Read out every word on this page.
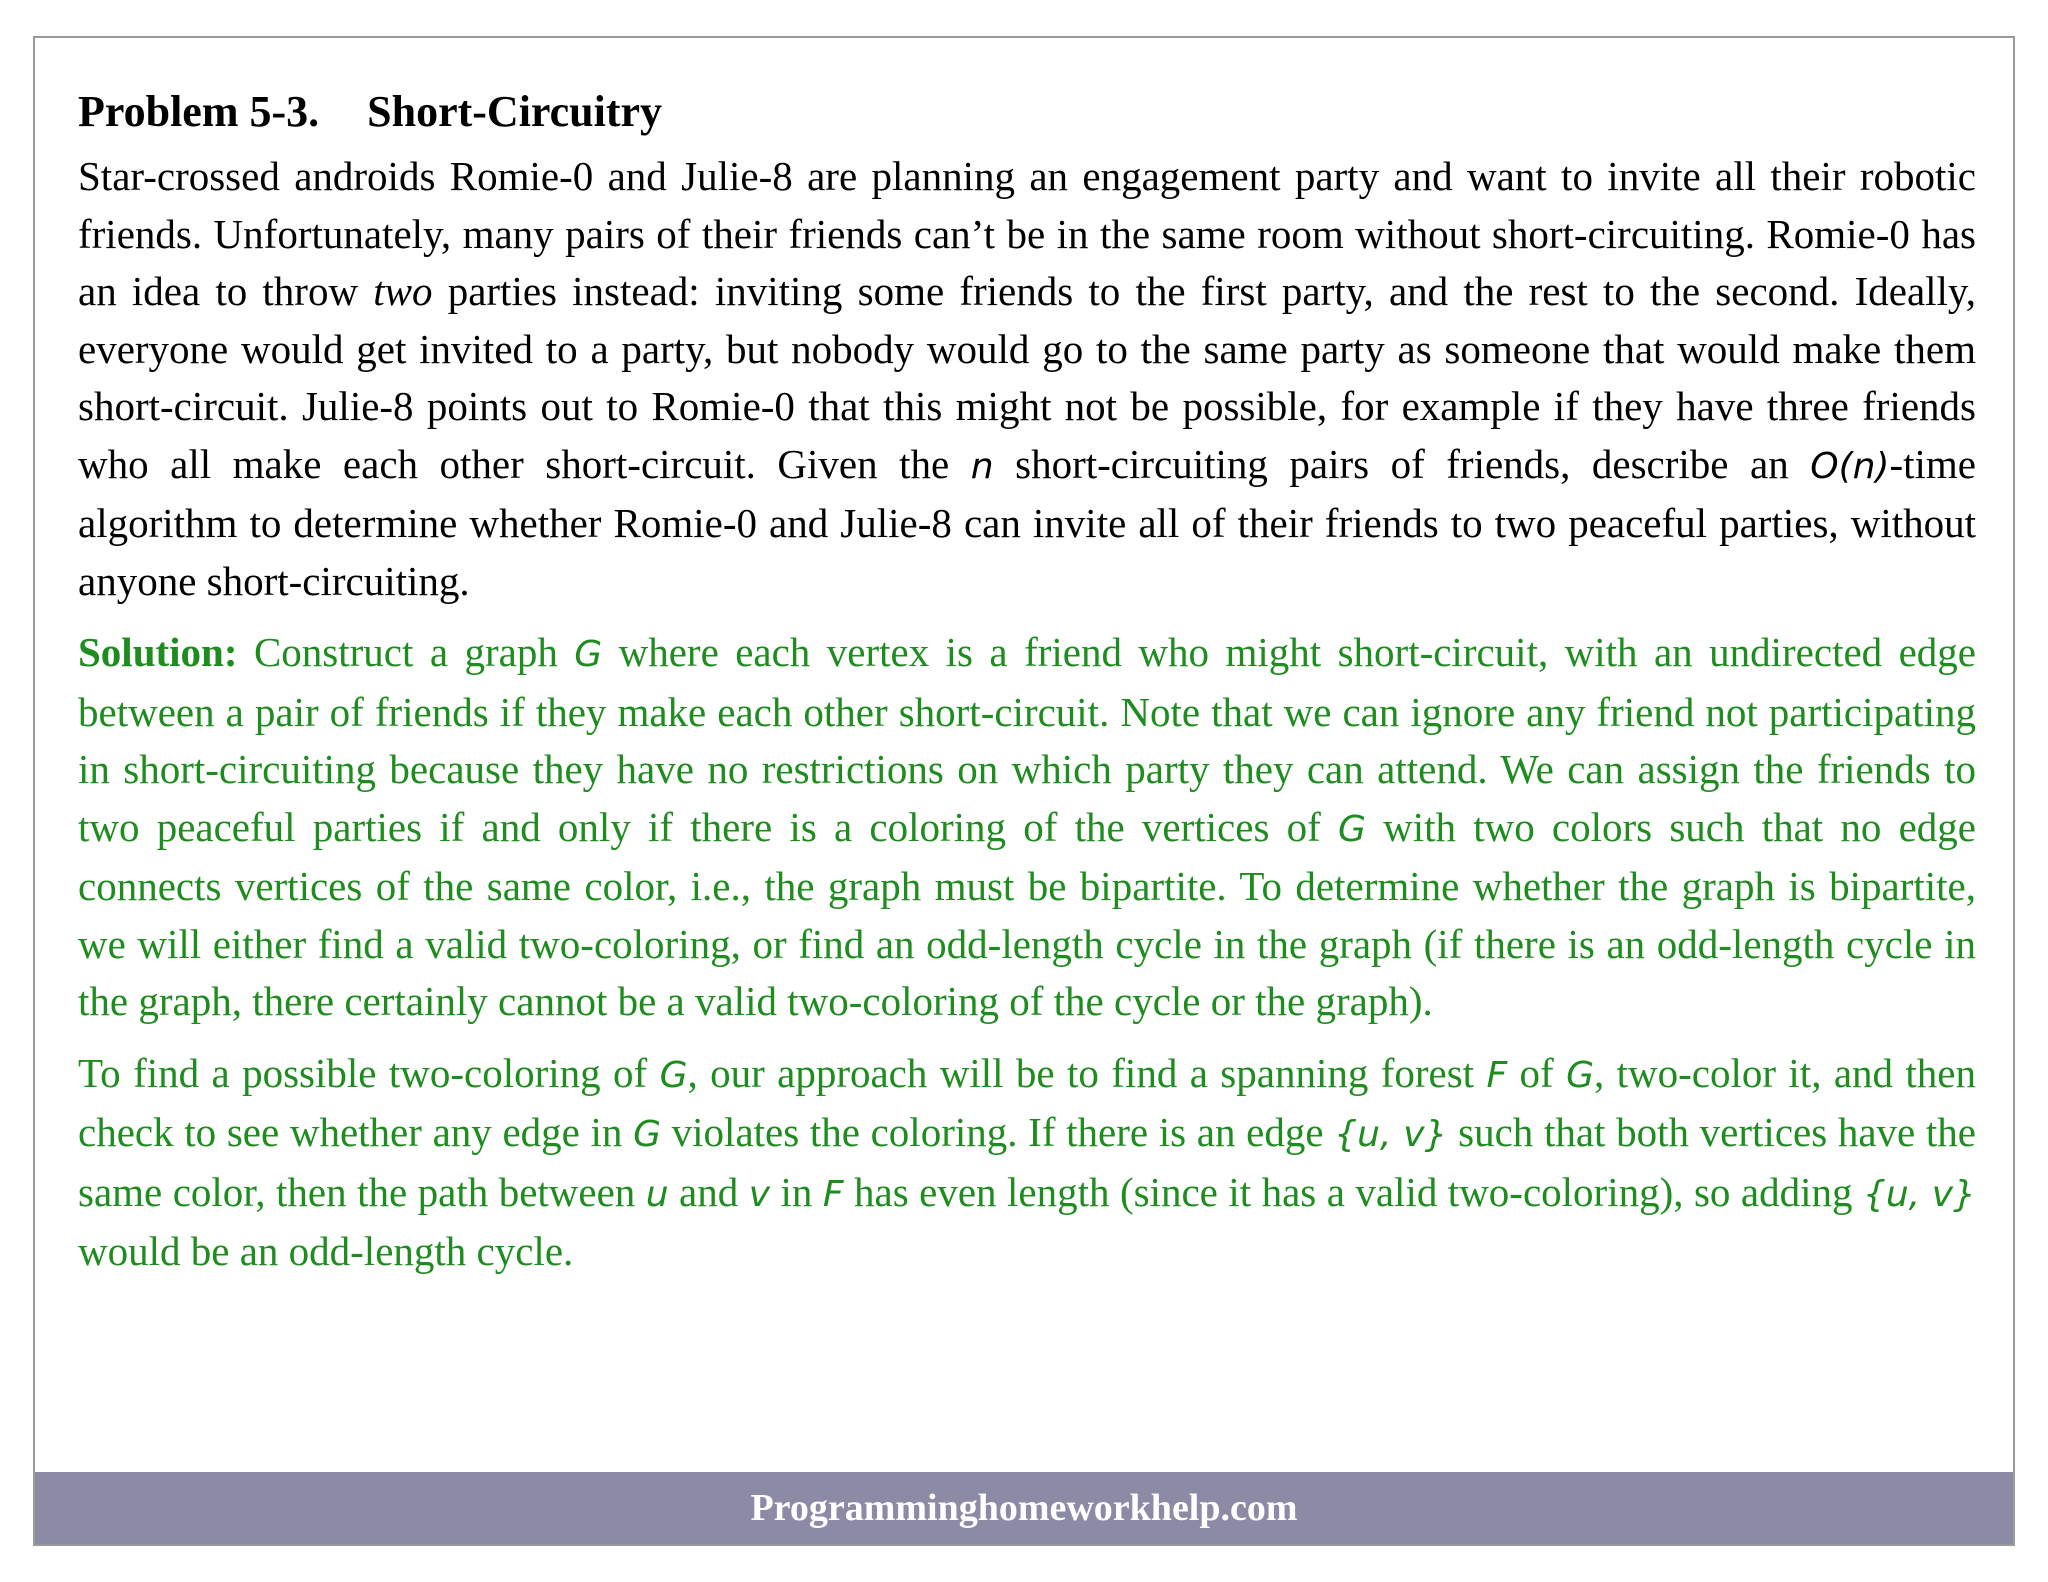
Problem 5-3. Short-Circuitry

Star-crossed androids Romie-0 and Julie-8 are planning an engagement party and want to invite all their robotic friends. Unfortunately, many pairs of their friends can’t be in the same room without short-circuiting. Romie-0 has an idea to throw two parties instead: inviting some friends to the first party, and the rest to the second. Ideally, everyone would get invited to a party, but nobody would go to the same party as someone that would make them short-circuit. Julie-8 points out to Romie-0 that this might not be possible, for example if they have three friends who all make each other short-circuit. Given the n short-circuiting pairs of friends, describe an O(n)-time algorithm to determine whether Romie-0 and Julie-8 can invite all of their friends to two peaceful parties, without anyone short-circuiting.

Solution: Construct a graph G where each vertex is a friend who might short-circuit, with an undirected edge between a pair of friends if they make each other short-circuit. Note that we can ignore any friend not participating in short-circuiting because they have no restrictions on which party they can attend. We can assign the friends to two peaceful parties if and only if there is a coloring of the vertices of G with two colors such that no edge connects vertices of the same color, i.e., the graph must be bipartite. To determine whether the graph is bipartite, we will either find a valid two-coloring, or find an odd-length cycle in the graph (if there is an odd-length cycle in the graph, there certainly cannot be a valid two-coloring of the cycle or the graph).

To find a possible two-coloring of G, our approach will be to find a spanning forest F of G, two-color it, and then check to see whether any edge in G violates the coloring. If there is an edge {u, v} such that both vertices have the same color, then the path between u and v in F has even length (since it has a valid two-coloring), so adding {u, v} would be an odd-length cycle.

Programminghomeworkhelp.com
